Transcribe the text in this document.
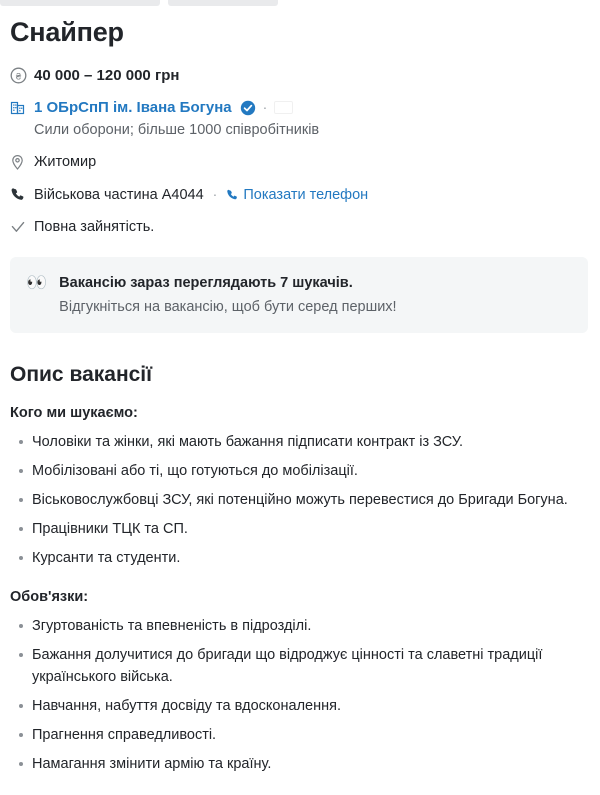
Снайпер
₴ 40 000 – 120 000 грн
1 ОБрСпП ім. Івана Богуна ·
Сили оборони; більше 1000 співробітників
Житомир
Військова частина А4044 · Показати телефон
Повна зайнятість.
👀 Вакансію зараз переглядають 7 шукачів.
Відгукніться на вакансію, щоб бути серед перших!
Опис вакансії
Кого ми шукаємо:
Чоловіки та жінки, які мають бажання підписати контракт із ЗСУ.
Мобілізовані або ті, що готуються до мобілізації.
Віськовослужбовці ЗСУ, які потенційно можуть перевестися до Бригади Богуна.
Працівники ТЦК та СП.
Курсанти та студенти.
Обов'язки:
Згуртованість та впевненість в підрозділі.
Бажання долучитися до бригади що відроджує цінності та славетні традиції українського війська.
Навчання, набуття досвіду та вдосконалення.
Прагнення справедливості.
Намагання змінити армію та країну.
